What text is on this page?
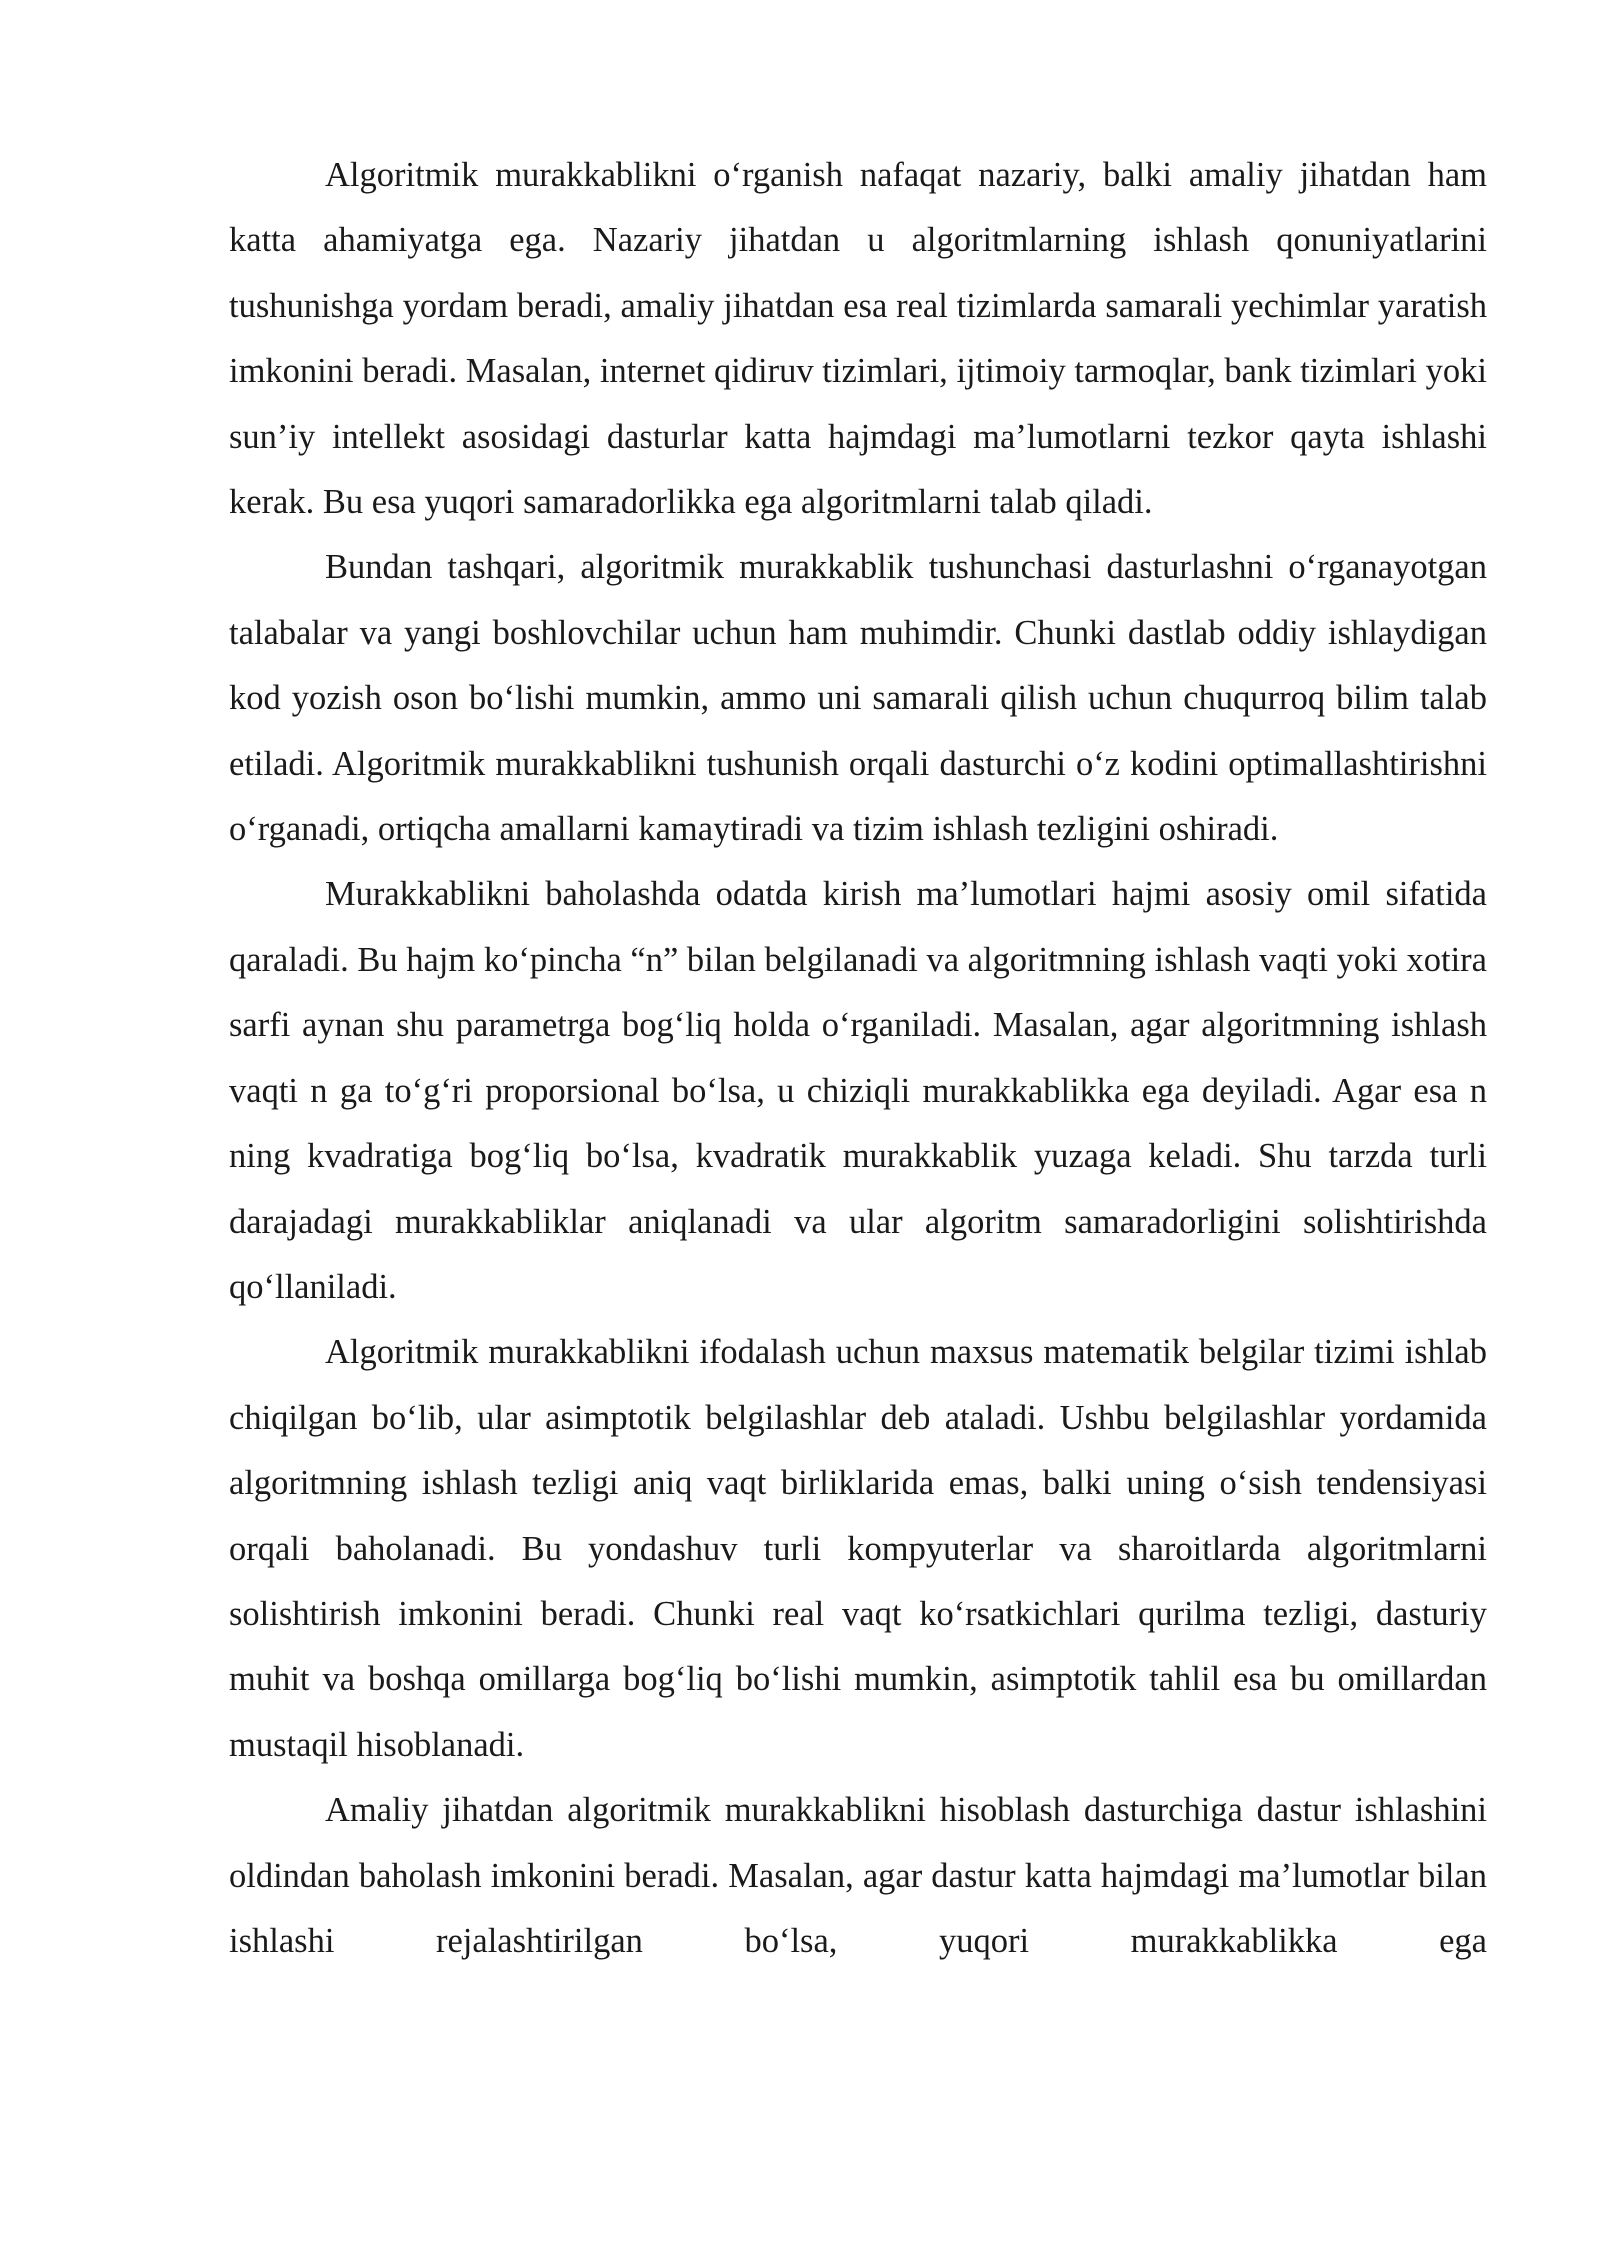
Algoritmik murakkablikni o‘rganish nafaqat nazariy, balki amaliy jihatdan ham katta ahamiyatga ega. Nazariy jihatdan u algoritmlarning ishlash qonuniyatlarini tushunishga yordam beradi, amaliy jihatdan esa real tizimlarda samarali yechimlar yaratish imkonini beradi. Masalan, internet qidiruv tizimlari, ijtimoiy tarmoqlar, bank tizimlari yoki sun’iy intellekt asosidagi dasturlar katta hajmdagi ma’lumotlarni tezkor qayta ishlashi kerak. Bu esa yuqori samaradorlikka ega algoritmlarni talab qiladi.

Bundan tashqari, algoritmik murakkablik tushunchasi dasturlashni o‘rganayotgan talabalar va yangi boshlovchilar uchun ham muhimdir. Chunki dastlab oddiy ishlaydigan kod yozish oson bo‘lishi mumkin, ammo uni samarali qilish uchun chuqurroq bilim talab etiladi. Algoritmik murakkablikni tushunish orqali dasturchi o‘z kodini optimallashtirishni o‘rganadi, ortiqcha amallarni kamaytiradi va tizim ishlash tezligini oshiradi.

Murakkablikni baholashda odatda kirish ma’lumotlari hajmi asosiy omil sifatida qaraladi. Bu hajm ko‘pincha “n” bilan belgilanadi va algoritmning ishlash vaqti yoki xotira sarfi aynan shu parametrga bog‘liq holda o‘rganiladi. Masalan, agar algoritmning ishlash vaqti n ga to‘g‘ri proporsional bo‘lsa, u chiziqli murakkablikka ega deyiladi. Agar esa n ning kvadratiga bog‘liq bo‘lsa, kvadratik murakkablik yuzaga keladi. Shu tarzda turli darajadagi murakkabliklar aniqlanadi va ular algoritm samaradorligini solishtirishda qo‘llaniladi.

Algoritmik murakkablikni ifodalash uchun maxsus matematik belgilar tizimi ishlab chiqilgan bo‘lib, ular asimptotik belgilashlar deb ataladi. Ushbu belgilashlar yordamida algoritmning ishlash tezligi aniq vaqt birliklarida emas, balki uning o‘sish tendensiyasi orqali baholanadi. Bu yondashuv turli kompyuterlar va sharoitlarda algoritmlarni solishtirish imkonini beradi. Chunki real vaqt ko‘rsatkichlari qurilma tezligi, dasturiy muhit va boshqa omillarga bog‘liq bo‘lishi mumkin, asimptotik tahlil esa bu omillardan mustaqil hisoblanadi.

Amaliy jihatdan algoritmik murakkablikni hisoblash dasturchiga dastur ishlashini oldindan baholash imkonini beradi. Masalan, agar dastur katta hajmdagi ma’lumotlar bilan ishlashi rejalashtirilgan bo‘lsa, yuqori murakkablikka ega
